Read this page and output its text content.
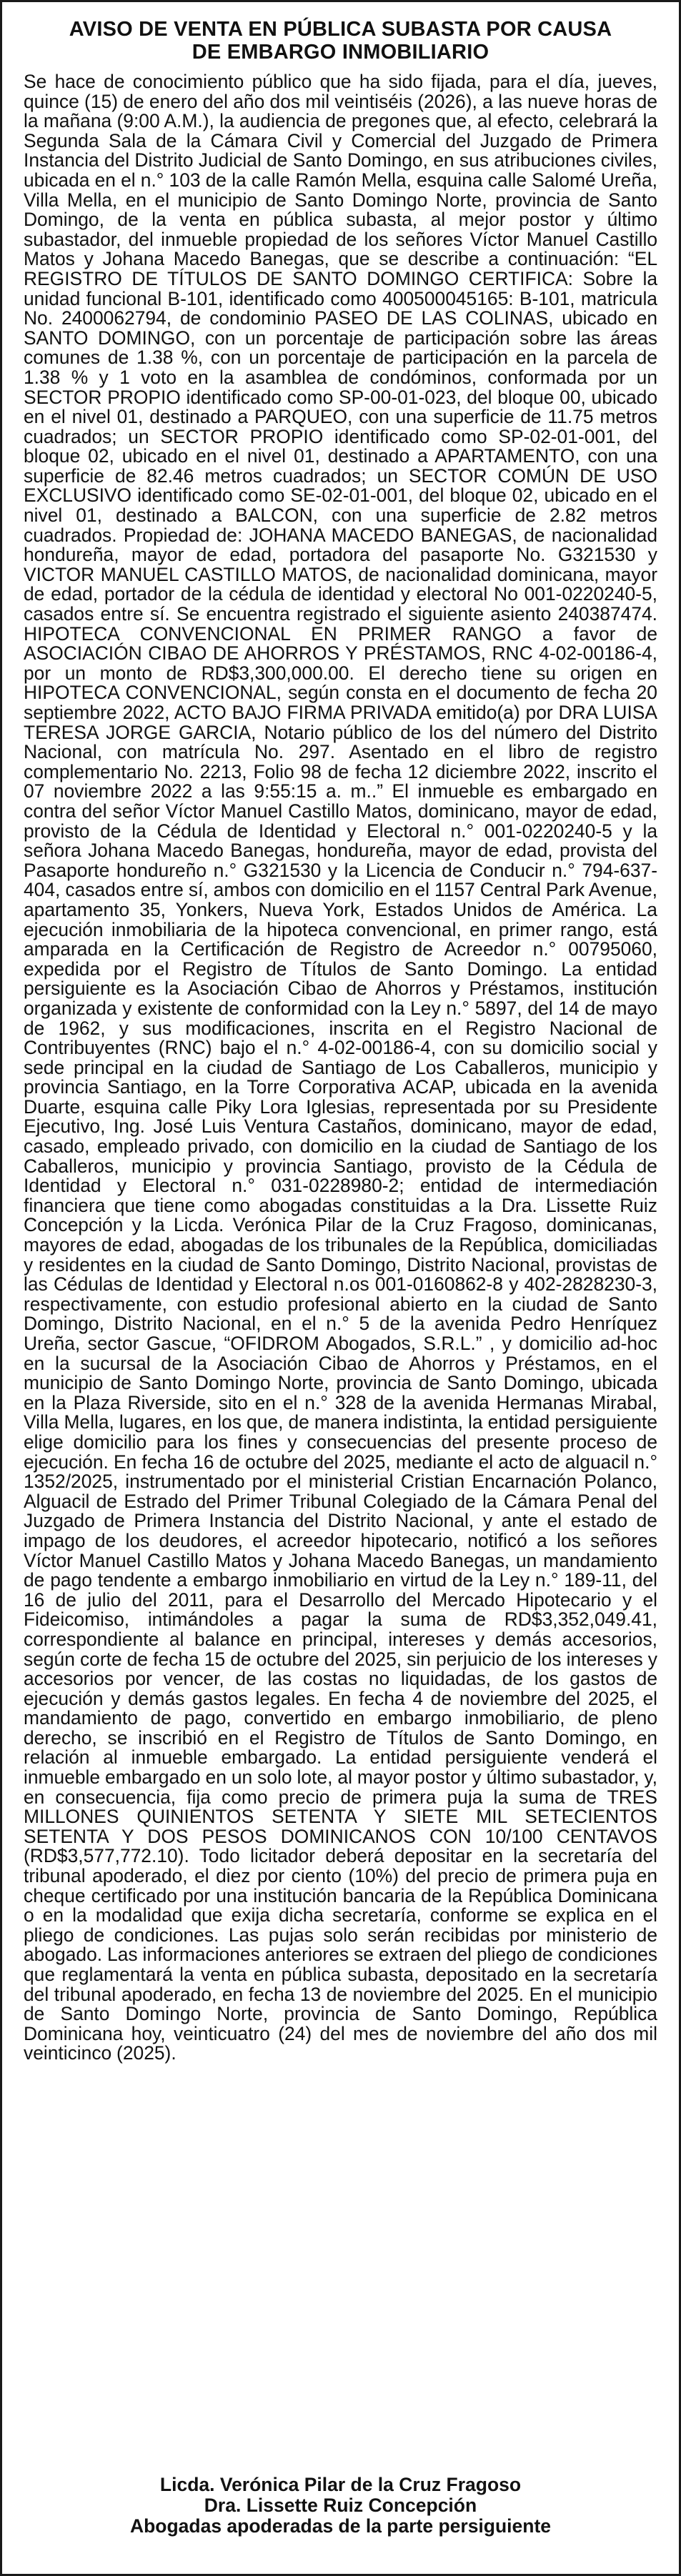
AVISO DE VENTA EN PÚBLICA SUBASTA POR CAUSA
DE EMBARGO INMOBILIARIO

Se hace de conocimiento público que ha sido fijada, para el día, jueves, quince (15) de enero del año dos mil veintiséis (2026), a las nueve horas de la mañana (9:00 A.M.), la audiencia de pregones que, al efecto, celebrará la Segunda Sala de la Cámara Civil y Comercial del Juzgado de Primera Instancia del Distrito Judicial de Santo Domingo, en sus atribuciones civiles, ubicada en el n.° 103 de la calle Ramón Mella, esquina calle Salomé Ureña, Villa Mella, en el municipio de Santo Domingo Norte, provincia de Santo Domingo, de la venta en pública subasta, al mejor postor y último subastador, del inmueble propiedad de los señores Víctor Manuel Castillo Matos y Johana Macedo Banegas, que se describe a continuación: “EL REGISTRO DE TÍTULOS DE SANTO DOMINGO CERTIFICA: Sobre la unidad funcional B-101, identificado como 400500045165: B-101, matricula No. 2400062794, de condominio PASEO DE LAS COLINAS, ubicado en SANTO DOMINGO, con un porcentaje de participación sobre las áreas comunes de 1.38 %, con un porcentaje de participación en la parcela de 1.38 % y 1 voto en la asamblea de condóminos, conformada por un SECTOR PROPIO identificado como SP-00-01-023, del bloque 00, ubicado en el nivel 01, destinado a PARQUEO, con una superficie de 11.75 metros cuadrados; un SECTOR PROPIO identificado como SP-02-01-001, del bloque 02, ubicado en el nivel 01, destinado a APARTAMENTO, con una superficie de 82.46 metros cuadrados; un SECTOR COMÚN DE USO EXCLUSIVO identificado como SE-02-01-001, del bloque 02, ubicado en el nivel 01, destinado a BALCON, con una superficie de 2.82 metros cuadrados. Propiedad de: JOHANA MACEDO BANEGAS, de nacionalidad hondureña, mayor de edad, portadora del pasaporte No. G321530 y VICTOR MANUEL CASTILLO MATOS, de nacionalidad dominicana, mayor de edad, portador de la cédula de identidad y electoral No 001-0220240-5, casados entre sí. Se encuentra registrado el siguiente asiento 240387474. HIPOTECA CONVENCIONAL EN PRIMER RANGO a favor de ASOCIACIÓN CIBAO DE AHORROS Y PRÉSTAMOS, RNC 4-02-00186-4, por un monto de RD$3,300,000.00. El derecho tiene su origen en HIPOTECA CONVENCIONAL, según consta en el documento de fecha 20 septiembre 2022, ACTO BAJO FIRMA PRIVADA emitido(a) por DRA LUISA TERESA JORGE GARCIA, Notario público de los del número del Distrito Nacional, con matrícula No. 297. Asentado en el libro de registro complementario No. 2213, Folio 98 de fecha 12 diciembre 2022, inscrito el 07 noviembre 2022 a las 9:55:15 a. m..” El inmueble es embargado en contra del señor Víctor Manuel Castillo Matos, dominicano, mayor de edad, provisto de la Cédula de Identidad y Electoral n.° 001-0220240-5 y la señora Johana Macedo Banegas, hondureña, mayor de edad, provista del Pasaporte hondureño n.° G321530 y la Licencia de Conducir n.° 794-637-404, casados entre sí, ambos con domicilio en el 1157 Central Park Avenue, apartamento 35, Yonkers, Nueva York, Estados Unidos de América. La ejecución inmobiliaria de la hipoteca convencional, en primer rango, está amparada en la Certificación de Registro de Acreedor n.° 00795060, expedida por el Registro de Títulos de Santo Domingo. La entidad persiguiente es la Asociación Cibao de Ahorros y Préstamos, institución organizada y existente de conformidad con la Ley n.° 5897, del 14 de mayo de 1962, y sus modificaciones, inscrita en el Registro Nacional de Contribuyentes (RNC) bajo el n.° 4-02-00186-4, con su domicilio social y sede principal en la ciudad de Santiago de Los Caballeros, municipio y provincia Santiago, en la Torre Corporativa ACAP, ubicada en la avenida Duarte, esquina calle Piky Lora Iglesias, representada por su Presidente Ejecutivo, Ing. José Luis Ventura Castaños, dominicano, mayor de edad, casado, empleado privado, con domicilio en la ciudad de Santiago de los Caballeros, municipio y provincia Santiago, provisto de la Cédula de Identidad y Electoral n.° 031-0228980-2; entidad de intermediación financiera que tiene como abogadas constituidas a la Dra. Lissette Ruiz Concepción y la Licda. Verónica Pilar de la Cruz Fragoso, dominicanas, mayores de edad, abogadas de los tribunales de la República, domiciliadas y residentes en la ciudad de Santo Domingo, Distrito Nacional, provistas de las Cédulas de Identidad y Electoral n.os 001-0160862-8 y 402-2828230-3, respectivamente, con estudio profesional abierto en la ciudad de Santo Domingo, Distrito Nacional, en el n.° 5 de la avenida Pedro Henríquez Ureña, sector Gascue, “OFIDROM Abogados, S.R.L.” , y domicilio ad-hoc en la sucursal de la Asociación Cibao de Ahorros y Préstamos, en el municipio de Santo Domingo Norte, provincia de Santo Domingo, ubicada en la Plaza Riverside, sito en el n.° 328 de la avenida Hermanas Mirabal, Villa Mella, lugares, en los que, de manera indistinta, la entidad persiguiente elige domicilio para los fines y consecuencias del presente proceso de ejecución. En fecha 16 de octubre del 2025, mediante el acto de alguacil n.° 1352/2025, instrumentado por el ministerial Cristian Encarnación Polanco, Alguacil de Estrado del Primer Tribunal Colegiado de la Cámara Penal del Juzgado de Primera Instancia del Distrito Nacional, y ante el estado de impago de los deudores, el acreedor hipotecario, notificó a los señores Víctor Manuel Castillo Matos y Johana Macedo Banegas, un mandamiento de pago tendente a embargo inmobiliario en virtud de la Ley n.° 189-11, del 16 de julio del 2011, para el Desarrollo del Mercado Hipotecario y el Fideicomiso, intimándoles a pagar la suma de RD$3,352,049.41, correspondiente al balance en principal, intereses y demás accesorios, según corte de fecha 15 de octubre del 2025, sin perjuicio de los intereses y accesorios por vencer, de las costas no liquidadas, de los gastos de ejecución y demás gastos legales. En fecha 4 de noviembre del 2025, el mandamiento de pago, convertido en embargo inmobiliario, de pleno derecho, se inscribió en el Registro de Títulos de Santo Domingo, en relación al inmueble embargado. La entidad persiguiente venderá el inmueble embargado en un solo lote, al mayor postor y último subastador, y, en consecuencia, fija como precio de primera puja la suma de TRES MILLONES QUINIENTOS SETENTA Y SIETE MIL SETECIENTOS SETENTA Y DOS PESOS DOMINICANOS CON 10/100 CENTAVOS (RD$3,577,772.10). Todo licitador deberá depositar en la secretaría del tribunal apoderado, el diez por ciento (10%) del precio de primera puja en cheque certificado por una institución bancaria de la República Dominicana o en la modalidad que exija dicha secretaría, conforme se explica en el pliego de condiciones. Las pujas solo serán recibidas por ministerio de abogado. Las informaciones anteriores se extraen del pliego de condiciones que reglamentará la venta en pública subasta, depositado en la secretaría del tribunal apoderado, en fecha 13 de noviembre del 2025. En el municipio de Santo Domingo Norte, provincia de Santo Domingo, República Dominicana hoy, veinticuatro (24) del mes de noviembre del año dos mil veinticinco (2025).

Licda. Verónica Pilar de la Cruz Fragoso
Dra. Lissette Ruiz Concepción
Abogadas apoderadas de la parte persiguiente
